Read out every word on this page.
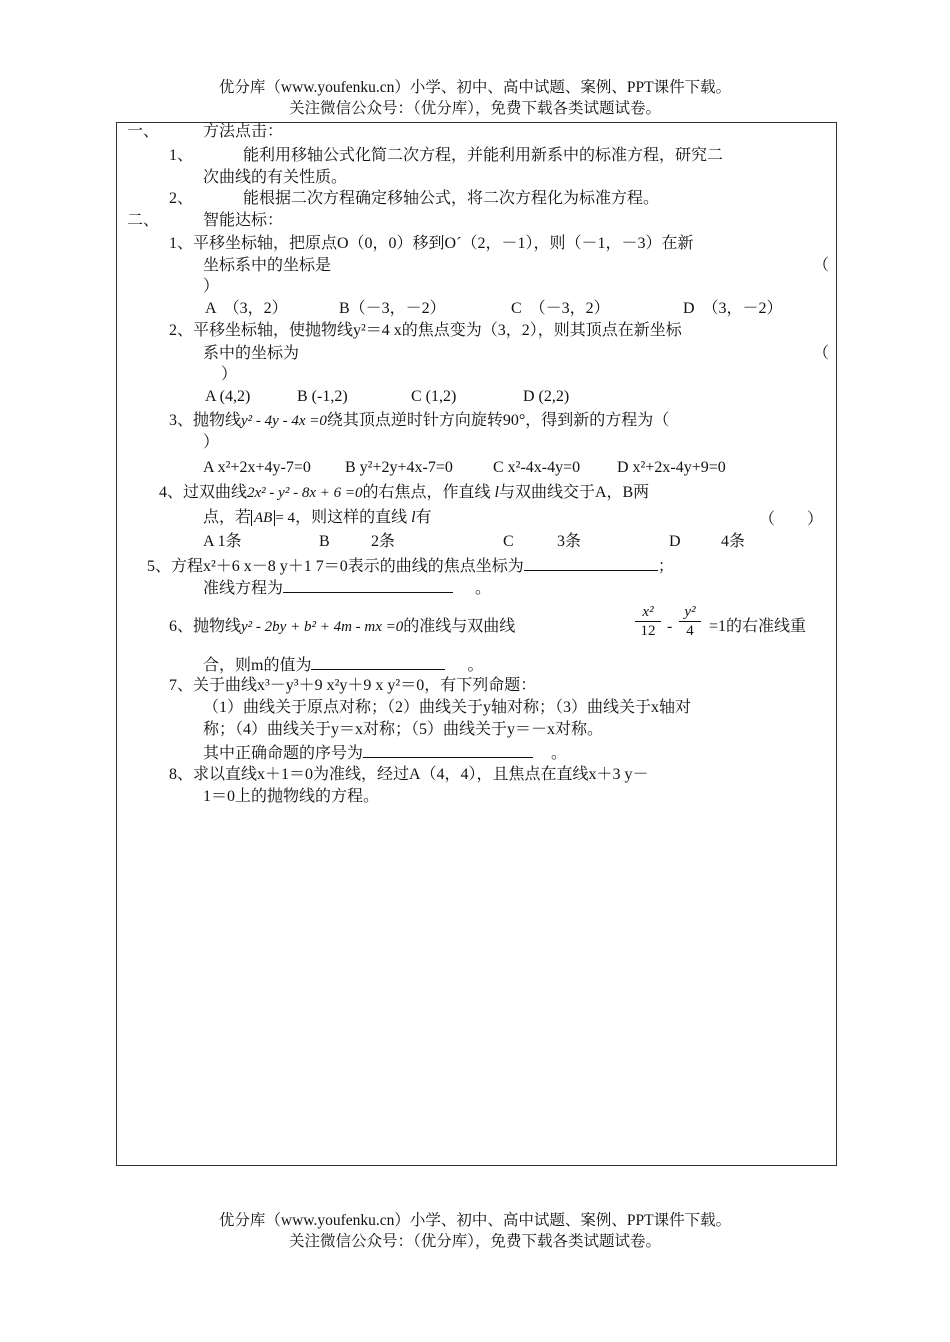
优分库（www.youfenku.cn）小学、初中、高中试题、案例、PPT课件下载。
关注微信公众号：（优分库），免费下载各类试题试卷。
一、	方法点击：
1、	能利用移轴公式化简二次方程，并能利用新系中的标准方程，研究二
次曲线的有关性质。
2、	能根据二次方程确定移轴公式，将二次方程化为标准方程。
二、	智能达标：
1、平移坐标轴，把原点O（0，0）移到O´（2，－1），则（－1，－3）在新
坐标系中的坐标是	（
）
A　（3，2）	B（－3，－2）	C　（－3，2）	D　（3，－2）
2、平移坐标轴，使抛物线y²＝4 x的焦点变为（3，2），则其顶点在新坐标
系中的坐标为	（
）
A (4,2)	B (-1,2)	C (1,2)	D (2,2)
3、抛物线y² - 4y - 4x =0绕其顶点逆时针方向旋转90°，得到新的方程为（
）
A x²+2x+4y-7=0 B y²+2y+4x-7=0	C x²-4x-4y=0 D x²+2x-4y+9=0
4、过双曲线2x² - y² - 8x + 6 =0的右焦点，作直线 l与双曲线交于A，B两
点，若 AB = 4，则这样的直线 l有	（　　）
A 1条	B	2条	C	3条	D	4条
5、方程x²＋6 x－8 y＋1 7＝0表示的曲线的焦点坐标为	；
准线方程为	。
6、抛物线y² - 2by + b² + 4m - mx =0的准线与双曲线	$\frac{\text{x²}}{12} - \frac{\text{y²}}{4} =1$的右准线重
合，则m的值为	。
7、关于曲线x³－y³＋9 x²y＋9 x y²＝0，有下列命题：
（1）曲线关于原点对称；（2）曲线关于y轴对称；（3）曲线关于x轴对
称；（4）曲线关于y＝x对称；（5）曲线关于y＝－x对称。
其中正确命题的序号为	。
8、求以直线x＋1＝0为准线，经过A（4，4），且焦点在直线x＋3 y－
1＝0上的抛物线的方程。
优分库（www.youfenku.cn）小学、初中、高中试题、案例、PPT课件下载。
关注微信公众号：（优分库），免费下载各类试题试卷。
